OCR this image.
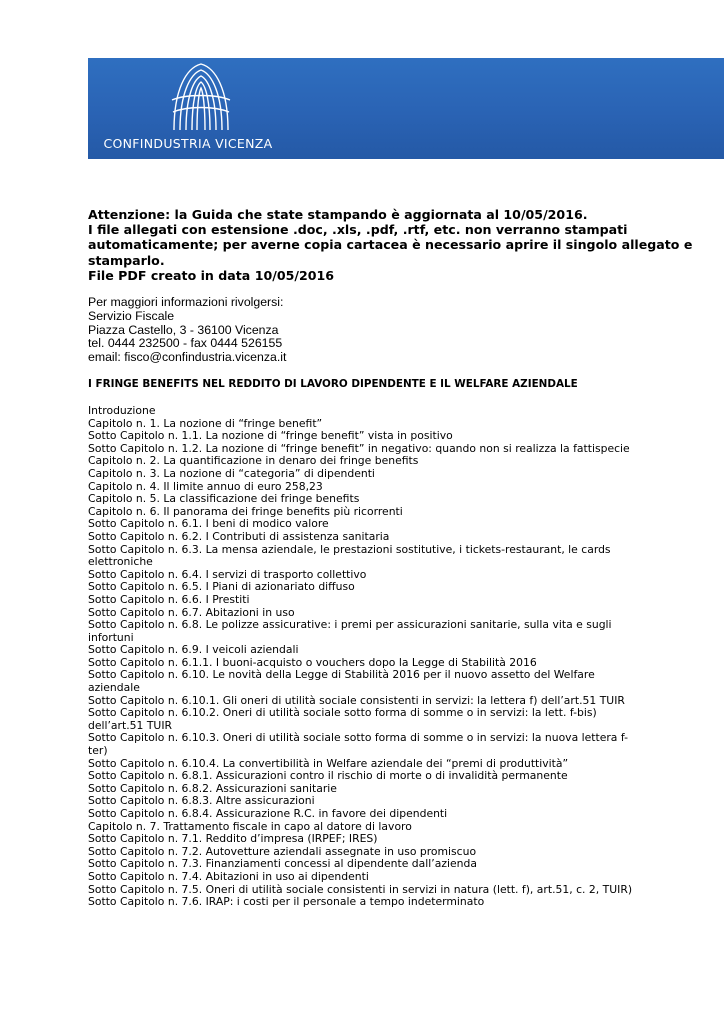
CONFINDUSTRIA VICENZA
Attenzione: la Guida che state stampando è aggiornata al 10/05/2016.
I file allegati con estensione .doc, .xls, .pdf, .rtf, etc. non verranno stampati
automaticamente; per averne copia cartacea è necessario aprire il singolo allegato e
stamparlo.
File PDF creato in data 10/05/2016
Per maggiori informazioni rivolgersi:
Servizio Fiscale
Piazza Castello, 3 - 36100 Vicenza
tel. 0444 232500 - fax 0444 526155
email: fisco@confindustria.vicenza.it
I FRINGE BENEFITS NEL REDDITO DI LAVORO DIPENDENTE E IL WELFARE AZIENDALE
Introduzione
Capitolo n. 1. La nozione di “fringe benefit”
Sotto Capitolo n. 1.1. La nozione di “fringe benefit” vista in positivo
Sotto Capitolo n. 1.2. La nozione di “fringe benefit” in negativo: quando non si realizza la fattispecie
Capitolo n. 2. La quantificazione in denaro dei fringe benefits
Capitolo n. 3. La nozione di “categoria” di dipendenti
Capitolo n. 4. Il limite annuo di euro 258,23
Capitolo n. 5. La classificazione dei fringe benefits
Capitolo n. 6. Il panorama dei fringe benefits più ricorrenti
Sotto Capitolo n. 6.1. I beni di modico valore
Sotto Capitolo n. 6.2. I Contributi di assistenza sanitaria
Sotto Capitolo n. 6.3. La mensa aziendale, le prestazioni sostitutive, i tickets-restaurant, le cards elettroniche
Sotto Capitolo n. 6.4. I servizi di trasporto collettivo
Sotto Capitolo n. 6.5. I Piani di azionariato diffuso
Sotto Capitolo n. 6.6. I Prestiti
Sotto Capitolo n. 6.7. Abitazioni in uso
Sotto Capitolo n. 6.8. Le polizze assicurative: i premi per assicurazioni sanitarie, sulla vita e sugli infortuni
Sotto Capitolo n. 6.9. I veicoli aziendali
Sotto Capitolo n. 6.1.1. I buoni-acquisto o vouchers dopo la Legge di Stabilità 2016
Sotto Capitolo n. 6.10. Le novità della Legge di Stabilità 2016 per il nuovo assetto del Welfare aziendale
Sotto Capitolo n. 6.10.1. Gli oneri di utilità sociale consistenti in servizi: la lettera f) dell’art.51 TUIR
Sotto Capitolo n. 6.10.2. Oneri di utilità sociale sotto forma di somme o in servizi: la lett. f-bis) dell’art.51 TUIR
Sotto Capitolo n. 6.10.3. Oneri di utilità sociale sotto forma di somme o in servizi: la nuova lettera f-ter)
Sotto Capitolo n. 6.10.4. La convertibilità in Welfare aziendale dei “premi di produttività”
Sotto Capitolo n. 6.8.1. Assicurazioni contro il rischio di morte o di invalidità permanente
Sotto Capitolo n. 6.8.2. Assicurazioni sanitarie
Sotto Capitolo n. 6.8.3. Altre assicurazioni
Sotto Capitolo n. 6.8.4. Assicurazione R.C. in favore dei dipendenti
Capitolo n. 7. Trattamento fiscale in capo al datore di lavoro
Sotto Capitolo n. 7.1. Reddito d’impresa (IRPEF; IRES)
Sotto Capitolo n. 7.2. Autovetture aziendali assegnate in uso promiscuo
Sotto Capitolo n. 7.3. Finanziamenti concessi al dipendente dall’azienda
Sotto Capitolo n. 7.4. Abitazioni in uso ai dipendenti
Sotto Capitolo n. 7.5. Oneri di utilità sociale consistenti in servizi in natura (lett. f), art.51, c. 2, TUIR)
Sotto Capitolo n. 7.6. IRAP: i costi per il personale a tempo indeterminato
